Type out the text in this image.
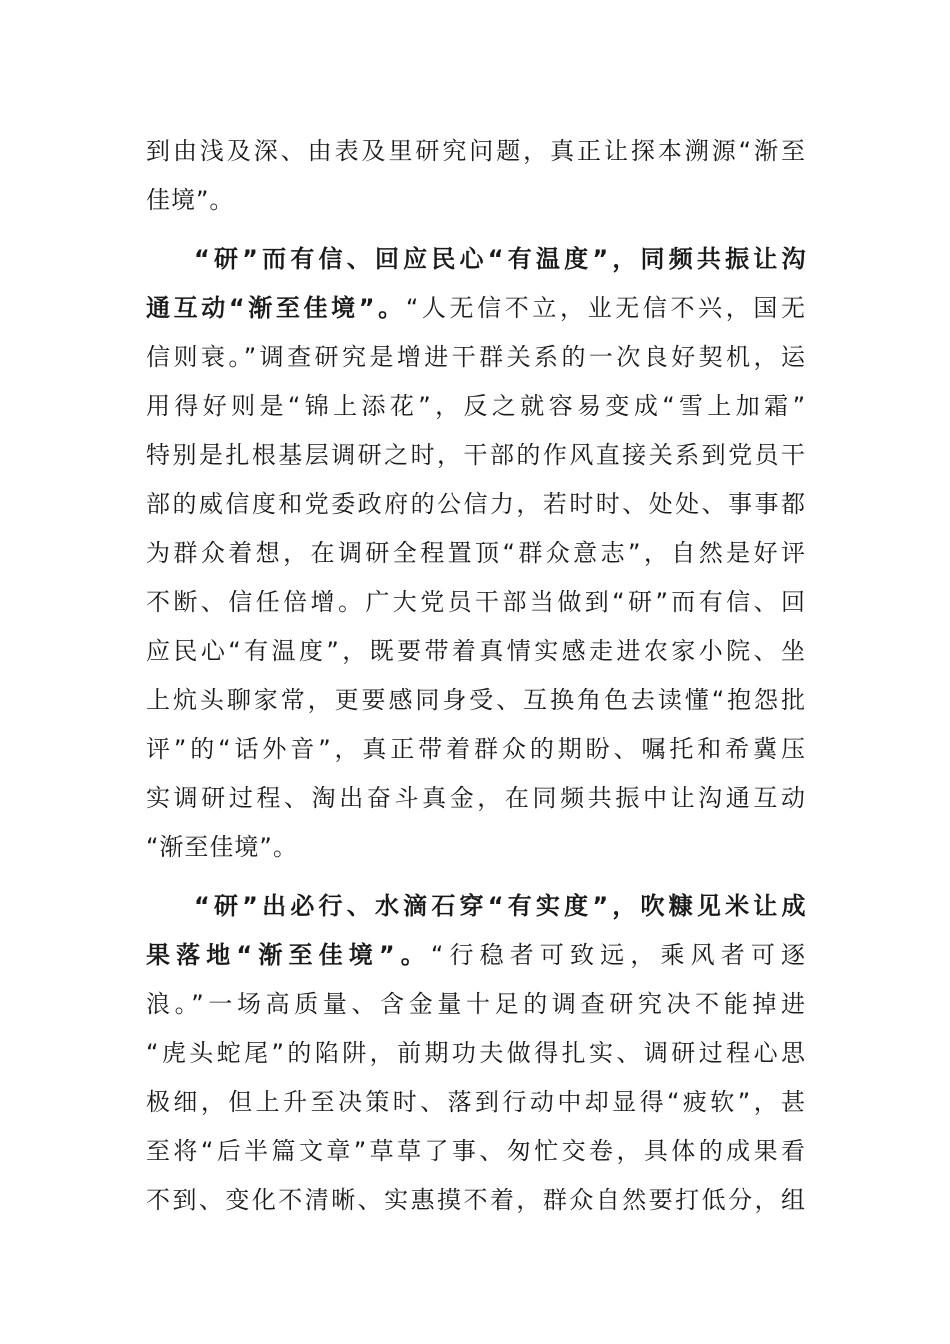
到由浅及深、由表及里研究问题，真正让探本溯源“渐至
佳境”。
“研”而有信、回应民心“有温度”，同频共振让沟
通互动“渐至佳境”。“人无信不立，业无信不兴，国无
信则衰。”调查研究是增进干群关系的一次良好契机，运
用得好则是“锦上添花”，反之就容易变成“雪上加霜”
特别是扎根基层调研之时，干部的作风直接关系到党员干
部的威信度和党委政府的公信力，若时时、处处、事事都
为群众着想，在调研全程置顶“群众意志”，自然是好评
不断、信任倍增。广大党员干部当做到“研”而有信、回
应民心“有温度”，既要带着真情实感走进农家小院、坐
上炕头聊家常，更要感同身受、互换角色去读懂“抱怨批
评”的“话外音”，真正带着群众的期盼、嘱托和希冀压
实调研过程、淘出奋斗真金，在同频共振中让沟通互动
“渐至佳境”。
“研”出必行、水滴石穿“有实度”，吹糠见米让成
果落地“渐至佳境”。“行稳者可致远，乘风者可逐
浪。”一场高质量、含金量十足的调查研究决不能掉进
“虎头蛇尾”的陷阱，前期功夫做得扎实、调研过程心思
极细，但上升至决策时、落到行动中却显得“疲软”，甚
至将“后半篇文章”草草了事、匆忙交卷，具体的成果看
不到、变化不清晰、实惠摸不着，群众自然要打低分，组
